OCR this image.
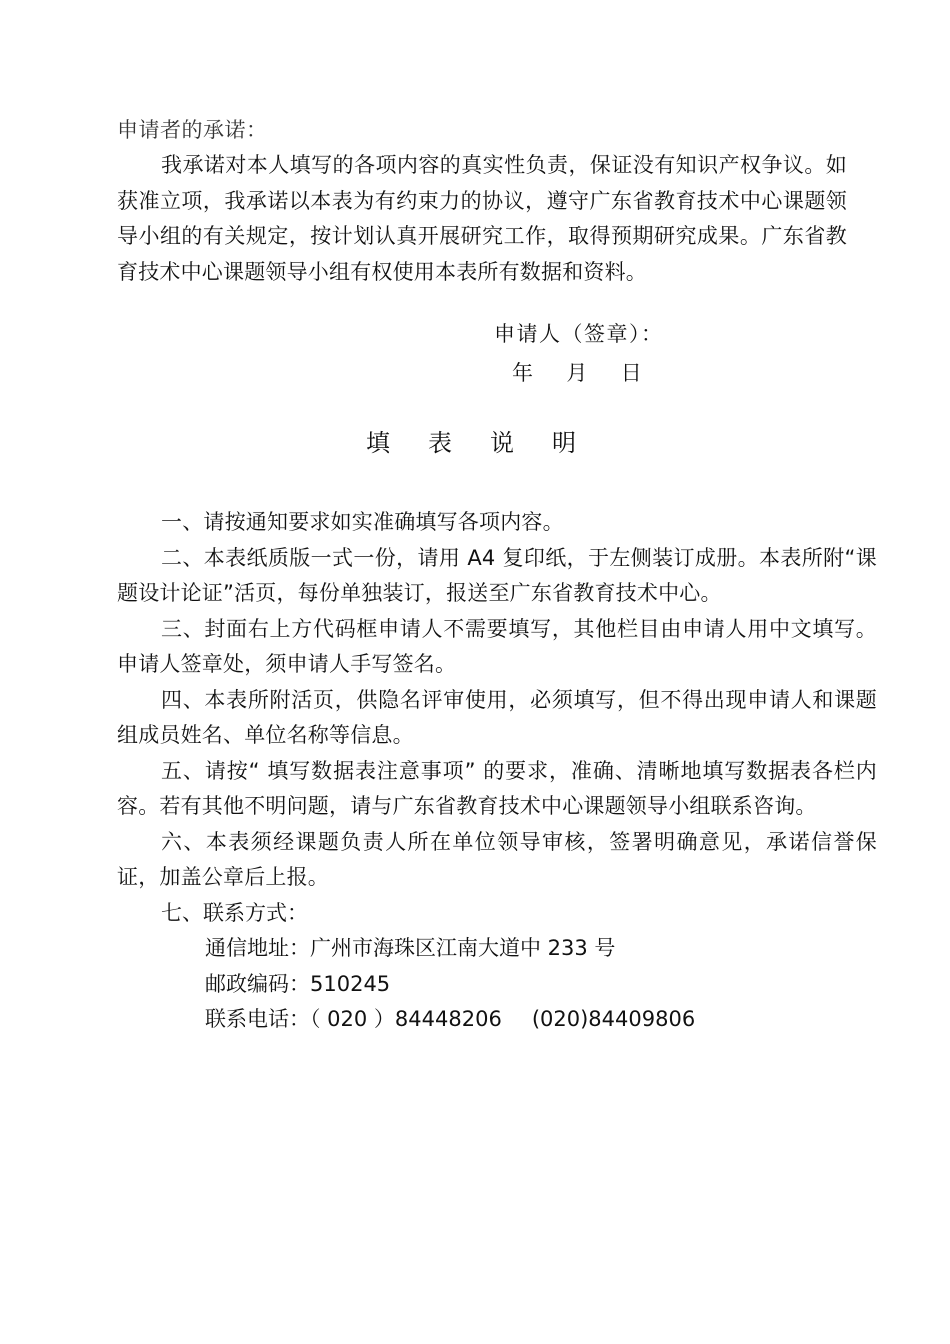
申请者的承诺：
我承诺对本人填写的各项内容的真实性负责，保证没有知识产权争议。如获准立项，我承诺以本表为有约束力的协议，遵守广东省教育技术中心课题领导小组的有关规定，按计划认真开展研究工作，取得预期研究成果。广东省教育技术中心课题领导小组有权使用本表所有数据和资料。
申请人（签章）：
年     月     日
填表说明

一、请按通知要求如实准确填写各项内容。

二、本表纸质版一式一份，请用 A4 复印纸，于左侧装订成册。本表所附“课题设计论证”活页，每份单独装订，报送至广东省教育技术中心。

三、封面右上方代码框申请人不需要填写，其他栏目由申请人用中文填写。申请人签章处，须申请人手写签名。

四、本表所附活页，供隐名评审使用，必须填写，但不得出现申请人和课题组成员姓名、单位名称等信息。

五、请按“ 填写数据表注意事项” 的要求，准确、清晰地填写数据表各栏内容。若有其他不明问题，请与广东省教育技术中心课题领导小组联系咨询。

六、本表须经课题负责人所在单位领导审核，签署明确意见，承诺信誉保证，加盖公章后上报。

七、联系方式：

通信地址：广州市海珠区江南大道中 233 号

邮政编码：510245

联系电话：（ 020 ）84448206 (020)84409806
